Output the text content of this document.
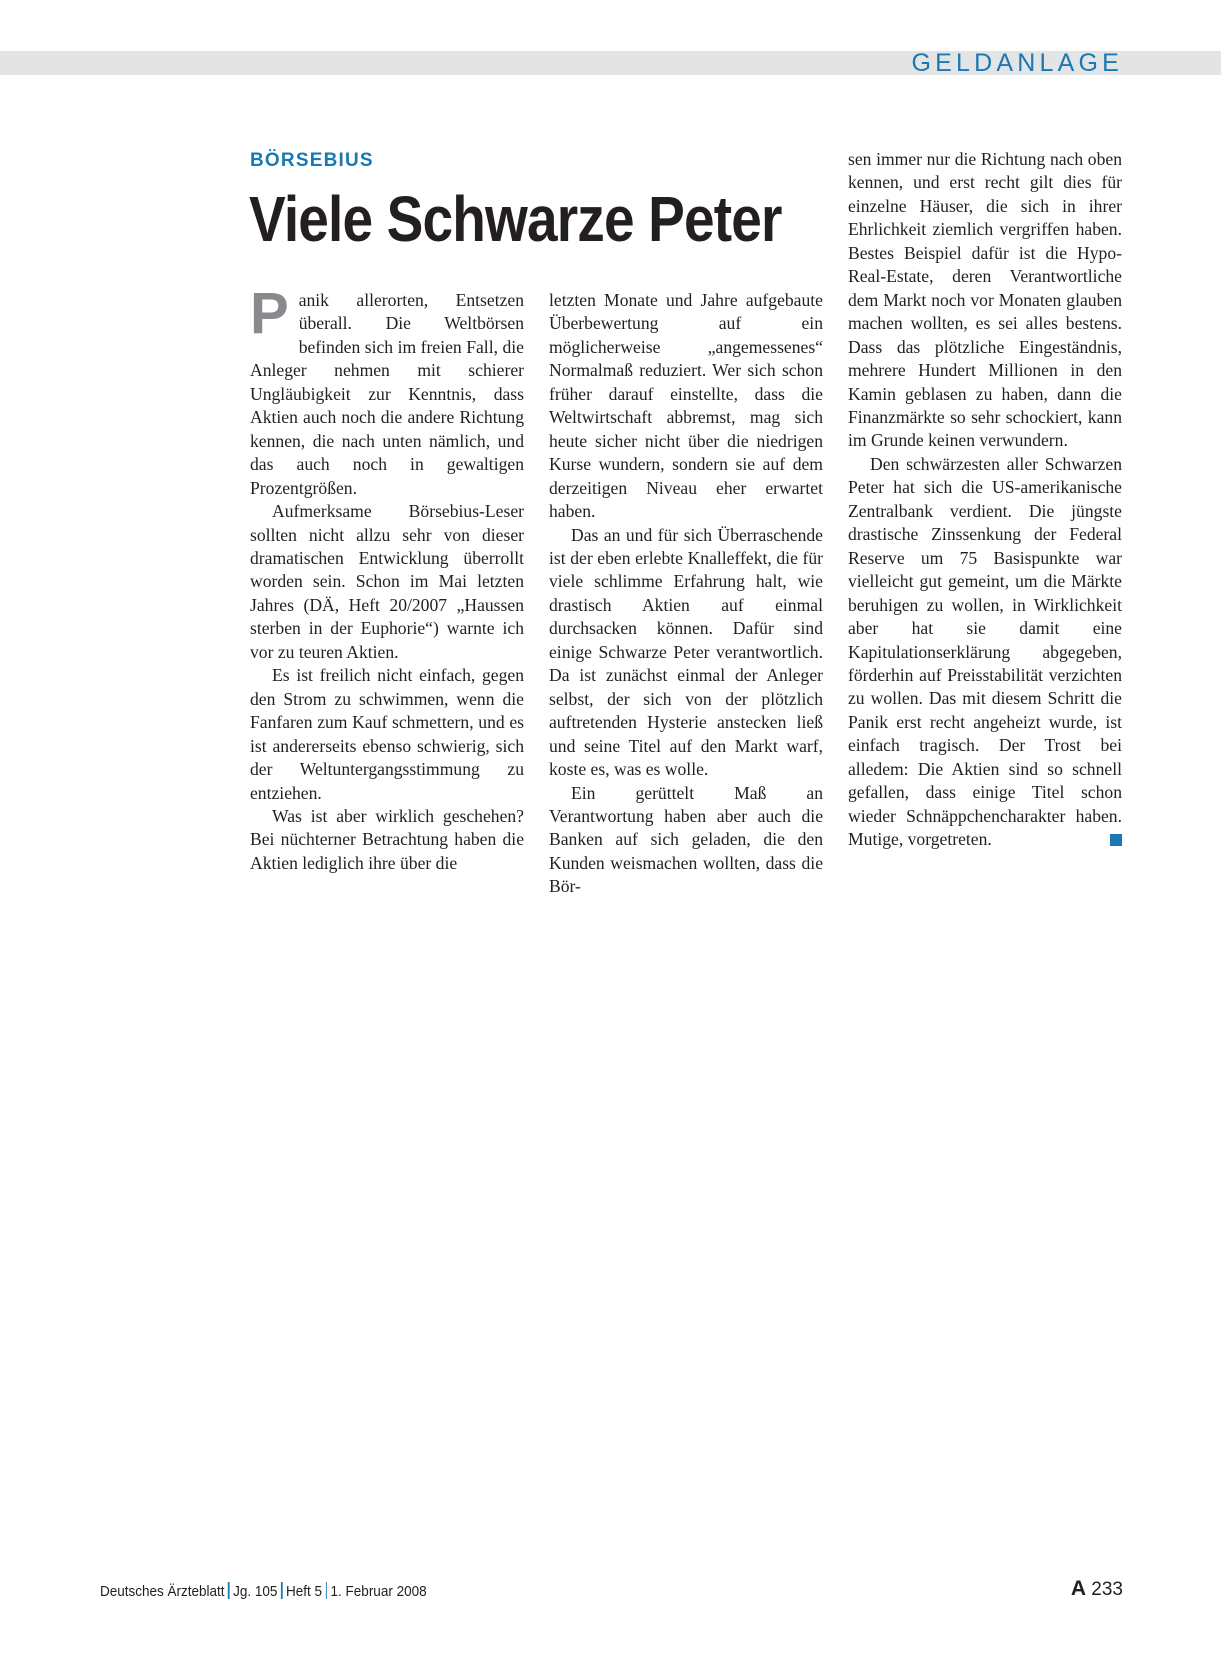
GELDANLAGE
BÖRSEBIUS
Viele Schwarze Peter

Panik allerorten, Entsetzen überall. Die Weltbörsen befinden sich im freien Fall, die Anleger nehmen mit schierer Ungläubigkeit zur Kenntnis, dass Aktien auch noch die andere Richtung kennen, die nach unten nämlich, und das auch noch in gewaltigen Prozentgrößen.

Aufmerksame Börsebius-Leser sollten nicht allzu sehr von dieser dramatischen Entwicklung überrollt worden sein. Schon im Mai letzten Jahres (DÄ, Heft 20/2007 „Haussen sterben in der Euphorie“) warnte ich vor zu teuren Aktien.

Es ist freilich nicht einfach, gegen den Strom zu schwimmen, wenn die Fanfaren zum Kauf schmettern, und es ist andererseits ebenso schwierig, sich der Weltuntergangsstimmung zu entziehen.

Was ist aber wirklich geschehen? Bei nüchterner Betrachtung haben die Aktien lediglich ihre über die

letzten Monate und Jahre aufgebaute Überbewertung auf ein möglicherweise „angemessenes“ Normalmaß reduziert. Wer sich schon früher darauf einstellte, dass die Weltwirtschaft abbremst, mag sich heute sicher nicht über die niedrigen Kurse wundern, sondern sie auf dem derzeitigen Niveau eher erwartet haben.

Das an und für sich Überraschende ist der eben erlebte Knalleffekt, die für viele schlimme Erfahrung halt, wie drastisch Aktien auf einmal durchsacken können. Dafür sind einige Schwarze Peter verantwortlich. Da ist zunächst einmal der Anleger selbst, der sich von der plötzlich auftretenden Hysterie anstecken ließ und seine Titel auf den Markt warf, koste es, was es wolle.

Ein gerüttelt Maß an Verantwortung haben aber auch die Banken auf sich geladen, die den Kunden weismachen wollten, dass die Bör-

sen immer nur die Richtung nach oben kennen, und erst recht gilt dies für einzelne Häuser, die sich in ihrer Ehrlichkeit ziemlich vergriffen haben. Bestes Beispiel dafür ist die Hypo-Real-Estate, deren Verantwortliche dem Markt noch vor Monaten glauben machen wollten, es sei alles bestens. Dass das plötzliche Eingeständnis, mehrere Hundert Millionen in den Kamin geblasen zu haben, dann die Finanzmärkte so sehr schockiert, kann im Grunde keinen verwundern.

Den schwärzesten aller Schwarzen Peter hat sich die US-amerikanische Zentralbank verdient. Die jüngste drastische Zinssenkung der Federal Reserve um 75 Basispunkte war vielleicht gut gemeint, um die Märkte beruhigen zu wollen, in Wirklichkeit aber hat sie damit eine Kapitulationserklärung abgegeben, förderhin auf Preisstabilität verzichten zu wollen. Das mit diesem Schritt die Panik erst recht angeheizt wurde, ist einfach tragisch. Der Trost bei alledem: Die Aktien sind so schnell gefallen, dass einige Titel schon wieder Schnäppchencharakter haben. Mutige, vorgetreten.

Deutsches Ärzteblatt Jg. 105 Heft 5 1. Februar 2008	A 233
